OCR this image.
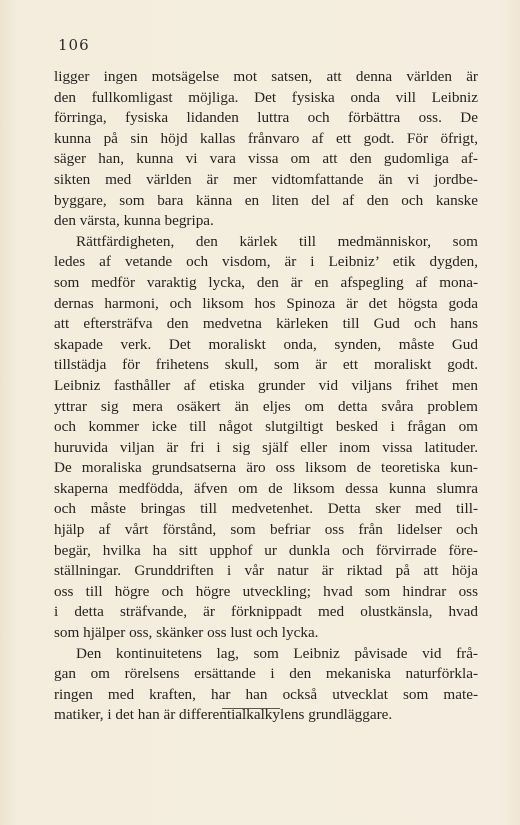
106
ligger ingen motsägelse mot satsen, att denna världen är
den fullkomligast möjliga. Det fysiska onda vill Leibniz
förringa, fysiska lidanden luttra och förbättra oss. De
kunna på sin höjd kallas frånvaro af ett godt. För öfrigt,
säger han, kunna vi vara vissa om att den gudomliga af-
sikten med världen är mer vidtomfattande än vi jordbe-
byggare, som bara känna en liten del af den och kanske
den värsta, kunna begripa.
Rättfärdigheten, den kärlek till medmänniskor, som
ledes af vetande och visdom, är i Leibniz’ etik dygden,
som medför varaktig lycka, den är en afspegling af mona-
dernas harmoni, och liksom hos Spinoza är det högsta goda
att eftersträfva den medvetna kärleken till Gud och hans
skapade verk. Det moraliskt onda, synden, måste Gud
tillstädja för frihetens skull, som är ett moraliskt godt.
Leibniz fasthåller af etiska grunder vid viljans frihet men
yttrar sig mera osäkert än eljes om detta svåra problem
och kommer icke till något slutgiltigt besked i frågan om
huruvida viljan är fri i sig själf eller inom vissa latituder.
De moraliska grundsatserna äro oss liksom de teoretiska kun-
skaperna medfödda, äfven om de liksom dessa kunna slumra
och måste bringas till medvetenhet. Detta sker med till-
hjälp af vårt förstånd, som befriar oss från lidelser och
begär, hvilka ha sitt upphof ur dunkla och förvirrade före-
ställningar. Grunddriften i vår natur är riktad på att höja
oss till högre och högre utveckling; hvad som hindrar oss
i detta sträfvande, är förknippadt med olustkänsla, hvad
som hjälper oss, skänker oss lust och lycka.
Den kontinuitetens lag, som Leibniz påvisade vid frå-
gan om rörelsens ersättande i den mekaniska naturförkla-
ringen med kraften, har han också utvecklat som mate-
matiker, i det han är differentialkalkylens grundläggare.
